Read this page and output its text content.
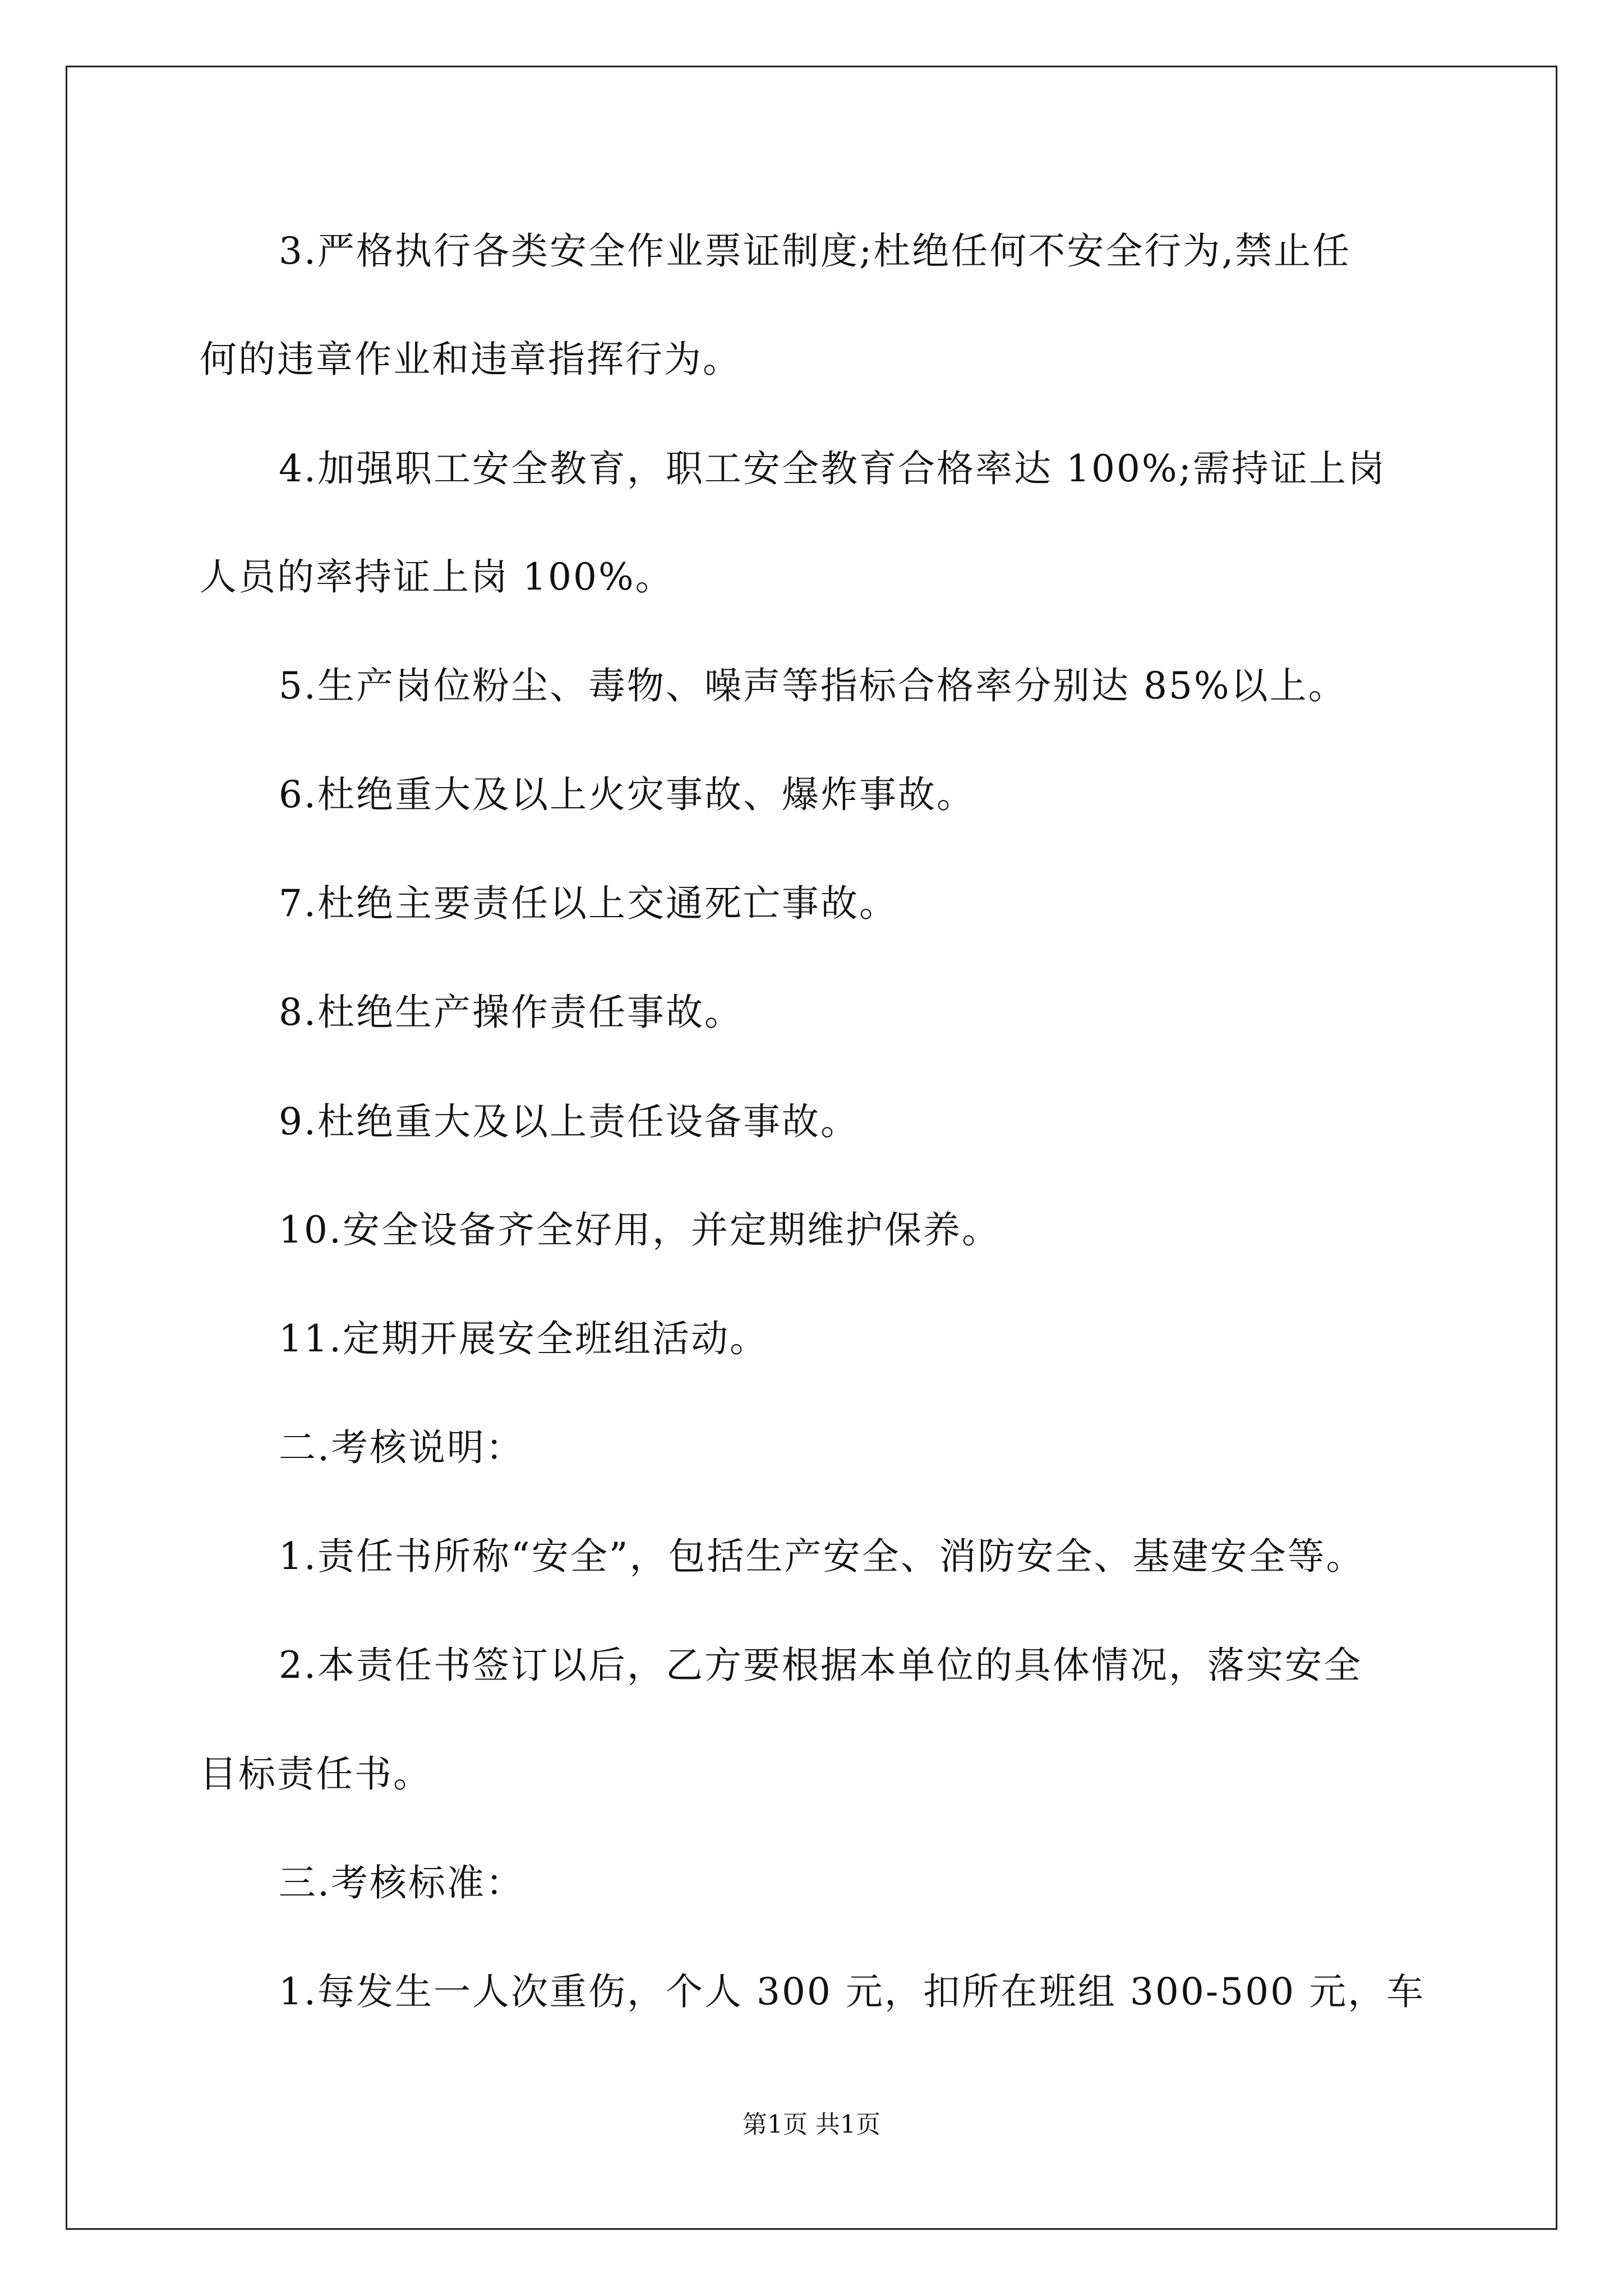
3.严格执行各类安全作业票证制度;杜绝任何不安全行为,禁止任
何的违章作业和违章指挥行为。
4.加强职工安全教育，职工安全教育合格率达 100%;需持证上岗
人员的率持证上岗 100%。
5.生产岗位粉尘、毒物、噪声等指标合格率分别达 85%以上。
6.杜绝重大及以上火灾事故、爆炸事故。
7.杜绝主要责任以上交通死亡事故。
8.杜绝生产操作责任事故。
9.杜绝重大及以上责任设备事故。
10.安全设备齐全好用，并定期维护保养。
11.定期开展安全班组活动。
二.考核说明：
1.责任书所称“安全”，包括生产安全、消防安全、基建安全等。
2.本责任书签订以后，乙方要根据本单位的具体情况，落实安全
目标责任书。
三.考核标准：
1.每发生一人次重伤，个人 300 元，扣所在班组 300-500 元，车
第1页 共1页
